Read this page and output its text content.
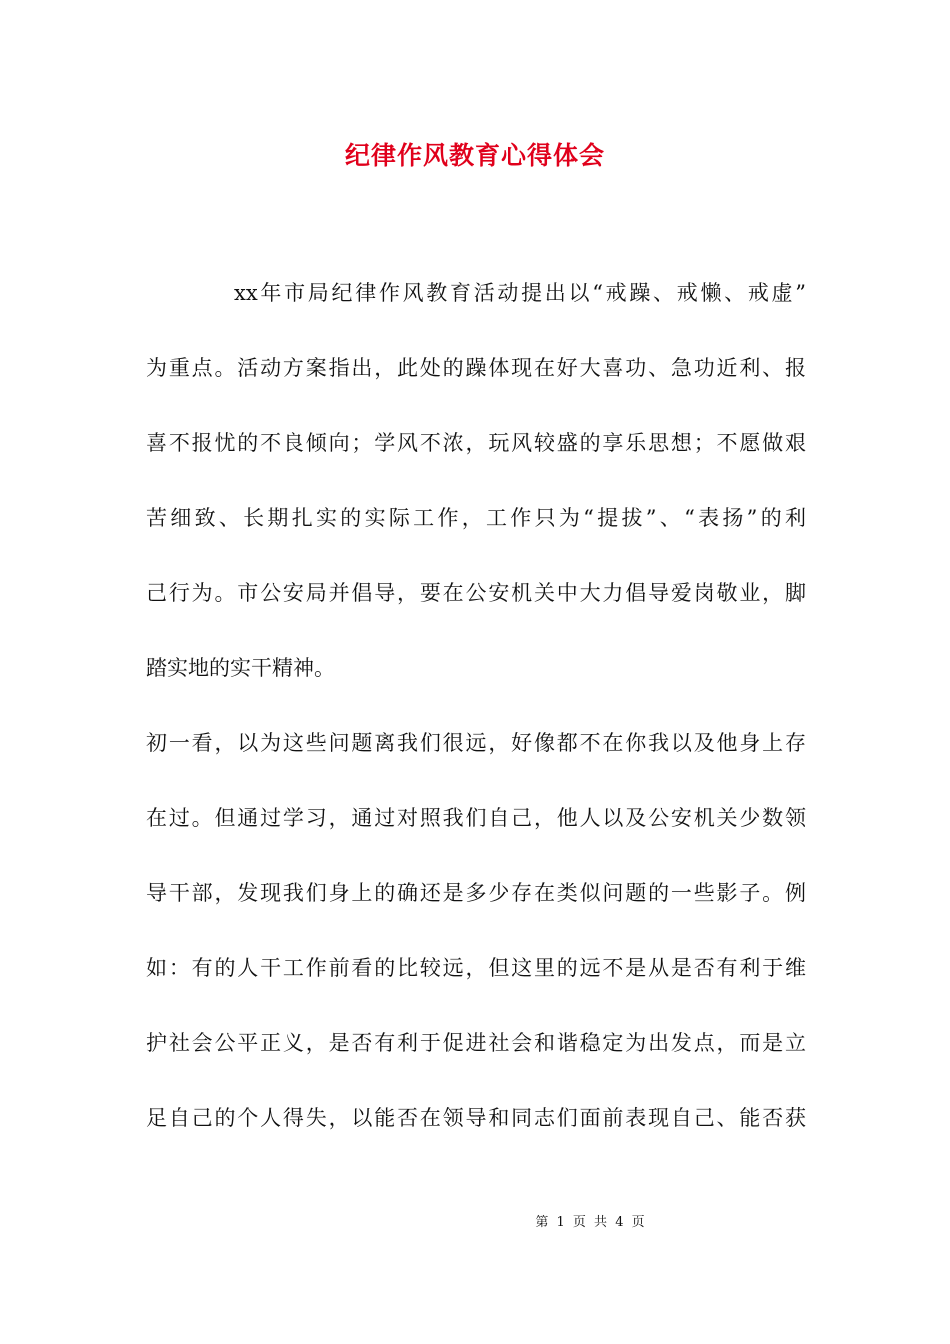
纪律作风教育心得体会
xx年市局纪律作风教育活动提出以“戒躁、戒懒、戒虚”
为重点。活动方案指出，此处的躁体现在好大喜功、急功近利、报
喜不报忧的不良倾向；学风不浓，玩风较盛的享乐思想；不愿做艰
苦细致、长期扎实的实际工作，工作只为“提拔”、“表扬”的利
己行为。市公安局并倡导，要在公安机关中大力倡导爱岗敬业，脚
踏实地的实干精神。
初一看，以为这些问题离我们很远，好像都不在你我以及他身上存
在过。但通过学习，通过对照我们自己，他人以及公安机关少数领
导干部，发现我们身上的确还是多少存在类似问题的一些影子。例
如：有的人干工作前看的比较远，但这里的远不是从是否有利于维
护社会公平正义，是否有利于促进社会和谐稳定为出发点，而是立
足自己的个人得失，以能否在领导和同志们面前表现自己、能否获
第 1 页 共 4 页
